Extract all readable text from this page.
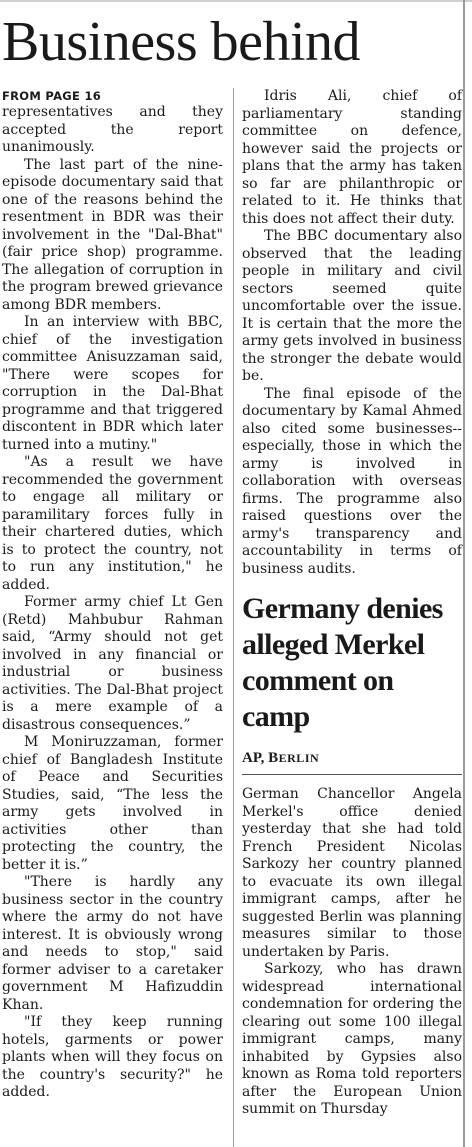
Business behind
FROM PAGE 16

representatives and they accepted the report unanimously.

The last part of the nine-episode documentary said that one of the reasons behind the resentment in BDR was their involvement in the "Dal-Bhat" (fair price shop) programme. The allegation of corruption in the program brewed grievance among BDR members.

In an interview with BBC, chief of the investigation committee Anisuzzaman said, "There were scopes for corruption in the Dal-Bhat programme and that triggered discontent in BDR which later turned into a mutiny."

"As a result we have recommended the government to engage all military or paramilitary forces fully in their chartered duties, which is to protect the country, not to run any institution," he added.

Former army chief Lt Gen (Retd) Mahbubur Rahman said, “Army should not get involved in any financial or industrial or business activities. The Dal-Bhat project is a mere example of a disastrous consequences.”

M Moniruzzaman, former chief of Bangladesh Institute of Peace and Securities Studies, said, “The less the army gets involved in activities other than protecting the country, the better it is.”

"There is hardly any business sector in the country where the army do not have interest. It is obviously wrong and needs to stop," said former adviser to a caretaker government M Hafizuddin Khan.

"If they keep running hotels, garments or power plants when will they focus on the country's security?" he added.

Idris Ali, chief of parliamentary standing committee on defence, however said the projects or plans that the army has taken so far are philanthropic or related to it. He thinks that this does not affect their duty.

The BBC documentary also observed that the leading people in military and civil sectors seemed quite uncomfortable over the issue. It is certain that the more the army gets involved in business the stronger the debate would be.

The final episode of the documentary by Kamal Ahmed also cited some businesses--especially, those in which the army is involved in collaboration with overseas firms. The programme also raised questions over the army's transparency and accountability in terms of business audits.

Germany denies alleged Merkel comment on camp
AP, BERLIN

German Chancellor Angela Merkel's office denied yesterday that she had told French President Nicolas Sarkozy her country planned to evacuate its own illegal immigrant camps, after he suggested Berlin was planning measures similar to those undertaken by Paris.

Sarkozy, who has drawn widespread international condemnation for ordering the clearing out some 100 illegal immigrant camps, many inhabited by Gypsies also known as Roma told reporters after the European Union summit on Thursday
